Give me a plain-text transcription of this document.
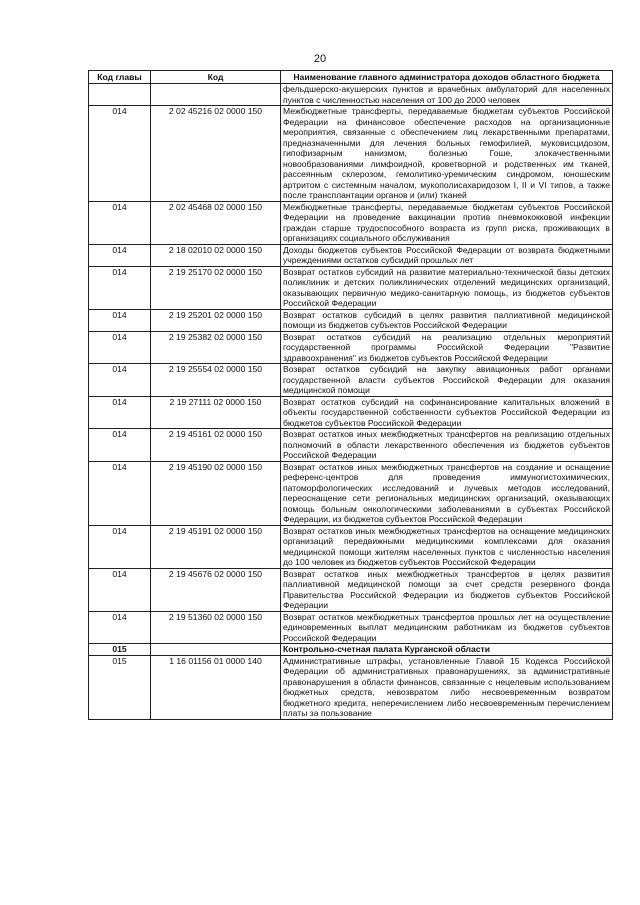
20
Код главы	Код	Наименование главного администратора доходов областного бюджета
		фельдшерско-акушерских пунктов и врачебных амбулаторий для населенных пунктов с численностью населения от 100 до 2000 человек
014	2 02 45216 02 0000 150	Межбюджетные трансферты, передаваемые бюджетам субъектов Российской Федерации на финансовое обеспечение расходов на организационные мероприятия, связанные с обеспечением лиц лекарственными препаратами, предназначенными для лечения больных гемофилией, муковисцидозом, гипофизарным нанизмом, болезнью Гоше, злокачественными новообразованиями лимфоидной, кроветворной и родственных им тканей, рассеянным склерозом, гемолитико-уремическим синдромом, юношеским артритом с системным началом, мукополисахаридозом I, II и VI типов, а также после трансплантации органов и (или) тканей
014	2 02 45468 02 0000 150	Межбюджетные трансферты, передаваемые бюджетам субъектов Российской Федерации на проведение вакцинации против пневмококковой инфекции граждан старше трудоспособного возраста из групп риска, проживающих в организациях социального обслуживания
014	2 18 02010 02 0000 150	Доходы бюджетов субъектов Российской Федерации от возврата бюджетными учреждениями остатков субсидий прошлых лет
014	2 19 25170 02 0000 150	Возврат остатков субсидий на развитие материально-технической базы детских поликлиник и детских поликлинических отделений медицинских организаций, оказывающих первичную медико-санитарную помощь, из бюджетов субъектов Российской Федерации
014	2 19 25201 02 0000 150	Возврат остатков субсидий в целях развития паллиативной медицинской помощи из бюджетов субъектов Российской Федерации
014	2 19 25382 02 0000 150	Возврат остатков субсидий на реализацию отдельных мероприятий государственной программы Российской Федерации "Развитие здравоохранения" из бюджетов субъектов Российской Федерации
014	2 19 25554 02 0000 150	Возврат остатков субсидий на закупку авиационных работ органами государственной власти субъектов Российской Федерации для оказания медицинской помощи
014	2 19 27111 02 0000 150	Возврат остатков субсидий на софинансирование капитальных вложений в объекты государственной собственности субъектов Российской Федерации из бюджетов субъектов Российской Федерации
014	2 19 45161 02 0000 150	Возврат остатков иных межбюджетных трансфертов на реализацию отдельных полномочий в области лекарственного обеспечения из бюджетов субъектов Российской Федерации
014	2 19 45190 02 0000 150	Возврат остатков иных межбюджетных трансфертов на создание и оснащение референс-центров для проведения иммуногистохимических, патоморфологических исследований и лучевых методов исследований, переоснащение сети региональных медицинских организаций, оказывающих помощь больным онкологическими заболеваниями в субъектах Российской Федерации, из бюджетов субъектов Российской Федерации
014	2 19 45191 02 0000 150	Возврат остатков иных межбюджетных трансфертов на оснащение медицинских организаций передвижными медицинскими комплексами для оказания медицинской помощи жителям населенных пунктов с численностью населения до 100 человек из бюджетов субъектов Российской Федерации
014	2 19 45676 02 0000 150	Возврат остатков иных межбюджетных трансфертов в целях развития паллиативной медицинской помощи за счет средств резервного фонда Правительства Российской Федерации из бюджетов субъектов Российской Федерации
014	2 19 51360 02 0000 150	Возврат остатков межбюджетных трансфертов прошлых лет на осуществление единовременных выплат медицинским работникам из бюджетов субъектов Российской Федерации
015		Контрольно-счетная палата Курганской области
015	1 16 01156 01 0000 140	Административные штрафы, установленные Главой 15 Кодекса Российской Федерации об административных правонарушениях, за административные правонарушения в области финансов, связанные с нецелевым использованием бюджетных средств, невозвратом либо несвоевременным возвратом бюджетного кредита, неперечислением либо несвоевременным перечислением платы за пользование
